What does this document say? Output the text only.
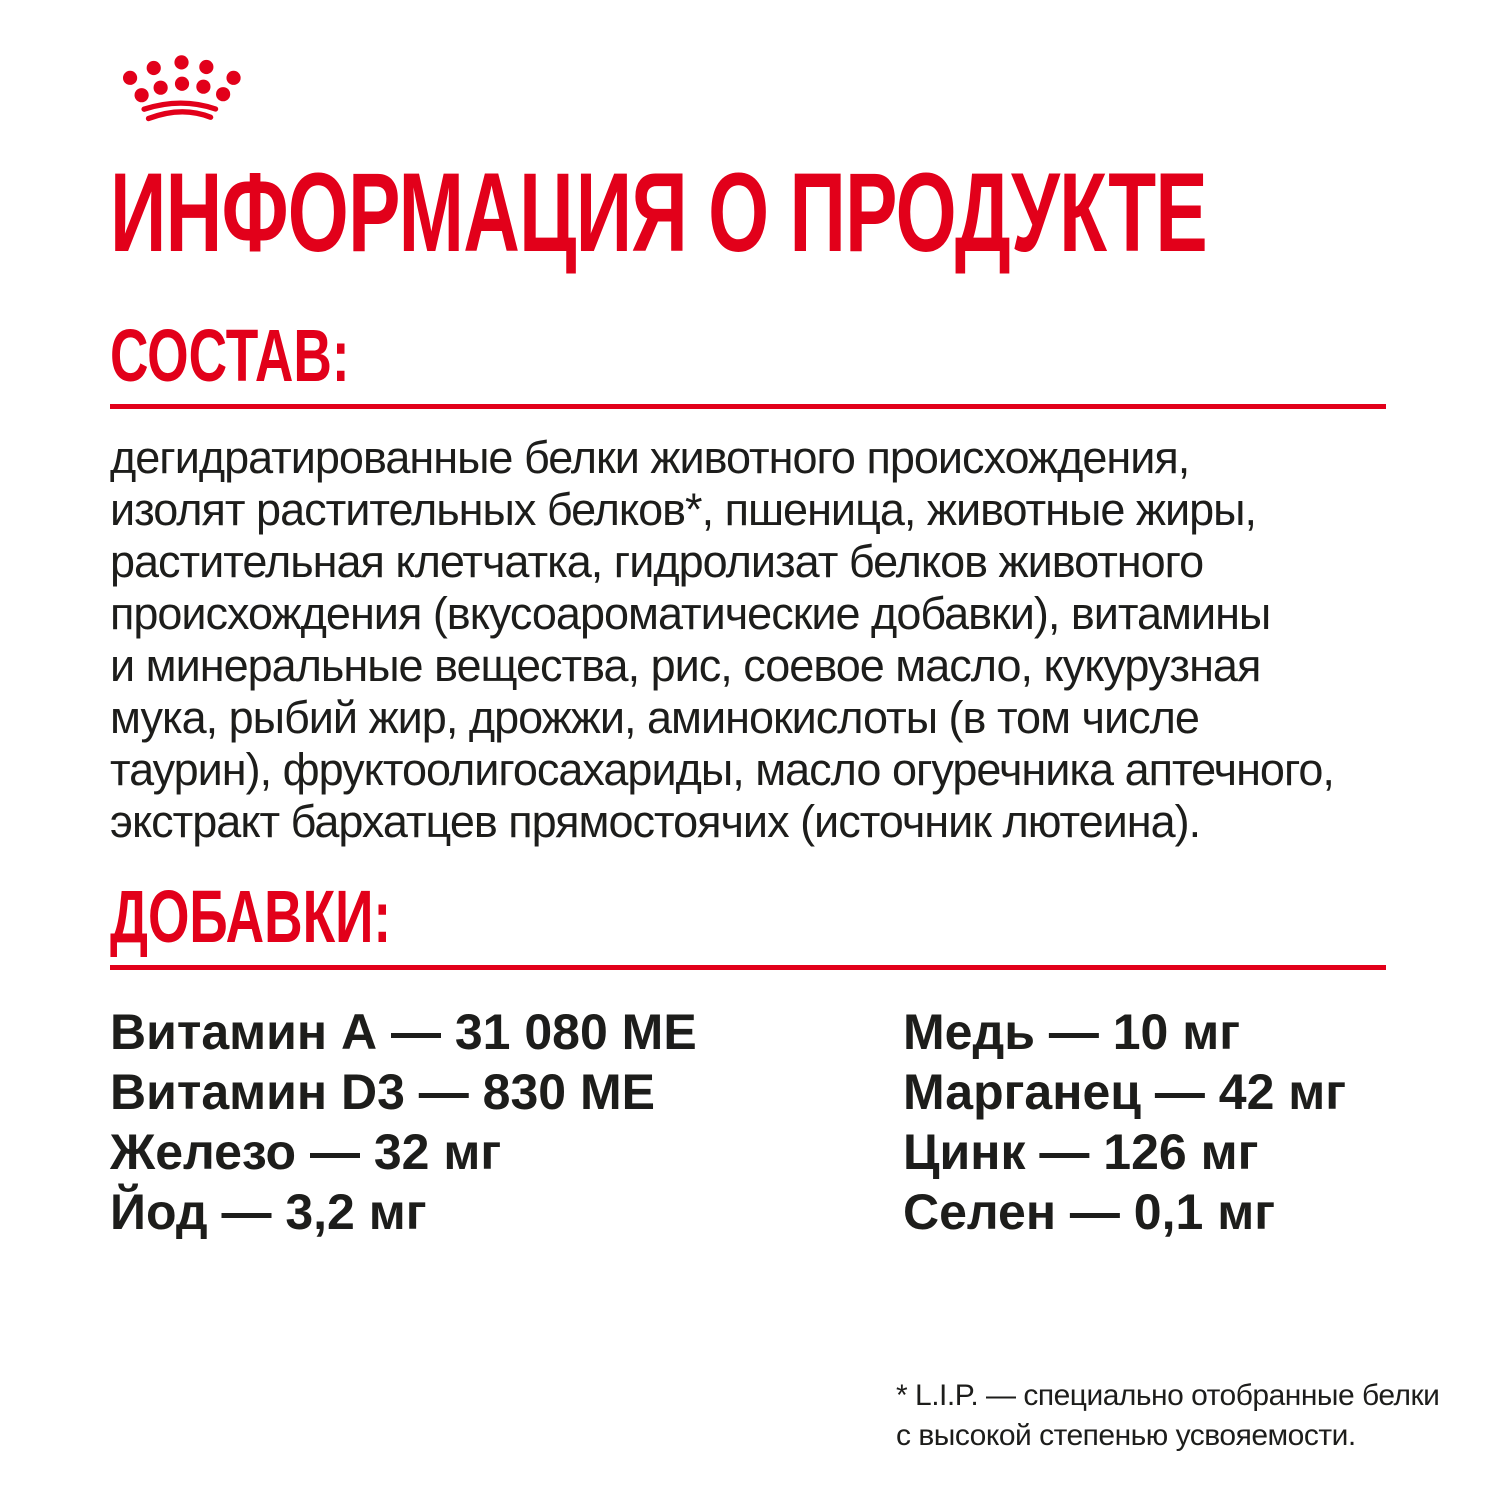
ИНФОРМАЦИЯ О ПРОДУКТЕ
СОСТАВ:
дегидратированные белки животного происхождения,
изолят растительных белков*, пшеница, животные жиры,
растительная клетчатка, гидролизат белков животного
происхождения (вкусоароматические добавки), витамины
и минеральные вещества, рис, соевое масло, кукурузная
мука, рыбий жир, дрожжи, аминокислоты (в том числе
таурин), фруктоолигосахариды, масло огуречника аптечного,
экстракт бархатцев прямостоячих (источник лютеина).
ДОБАВКИ:
Витамин А — 31 080 МЕ
Витамин D3 — 830 МЕ
Железо — 32 мг
Йод — 3,2 мг
Медь — 10 мг
Марганец — 42 мг
Цинк — 126 мг
Селен — 0,1 мг
* L.I.P. — специально отобранные белки
с высокой степенью усвояемости.
